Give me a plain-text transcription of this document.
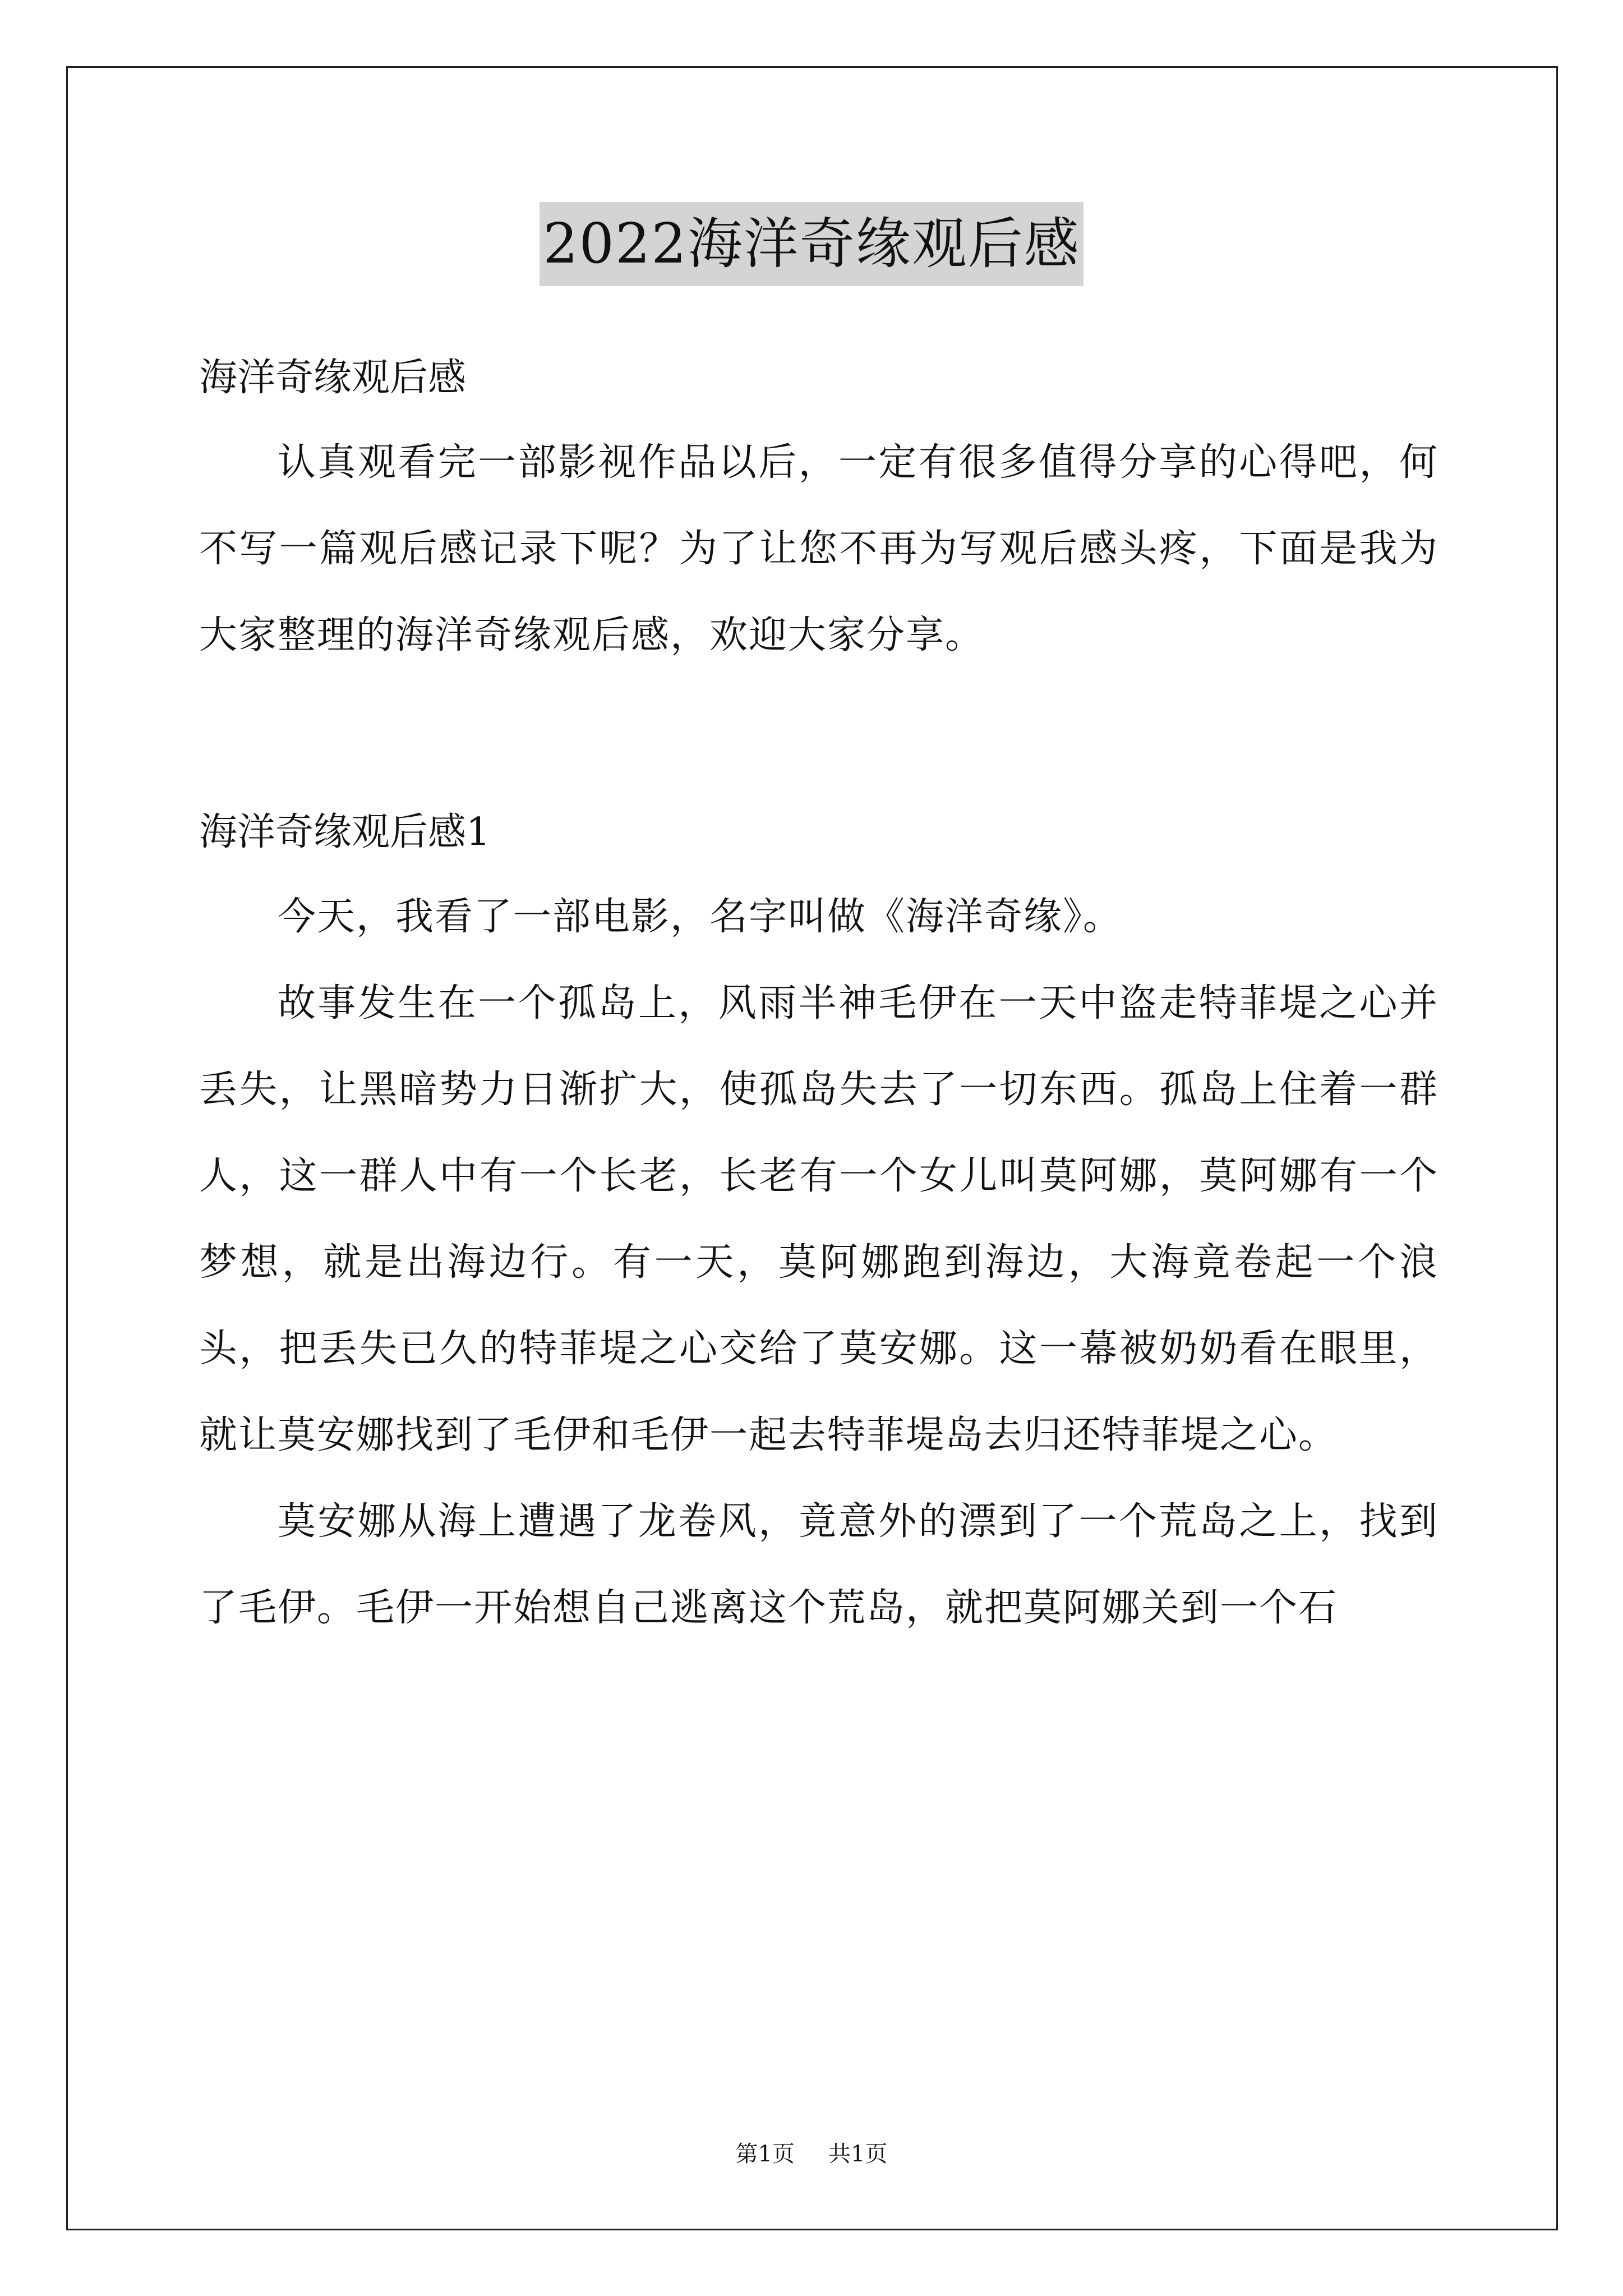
2022海洋奇缘观后感

海洋奇缘观后感

认真观看完一部影视作品以后，一定有很多值得分享的心得吧，何不写一篇观后感记录下呢？为了让您不再为写观后感头疼，下面是我为大家整理的海洋奇缘观后感，欢迎大家分享。

海洋奇缘观后感1

今天，我看了一部电影，名字叫做《海洋奇缘》。

故事发生在一个孤岛上，风雨半神毛伊在一天中盗走特菲堤之心并丢失，让黑暗势力日渐扩大，使孤岛失去了一切东西。孤岛上住着一群人，这一群人中有一个长老，长老有一个女儿叫莫阿娜，莫阿娜有一个梦想，就是出海边行。有一天，莫阿娜跑到海边，大海竟卷起一个浪头，把丢失已久的特菲堤之心交给了莫安娜。这一幕被奶奶看在眼里，就让莫安娜找到了毛伊和毛伊一起去特菲堤岛去归还特菲堤之心。

莫安娜从海上遭遇了龙卷风，竟意外的漂到了一个荒岛之上，找到了毛伊。毛伊一开始想自己逃离这个荒岛，就把莫阿娜关到一个石

第1页 共1页
